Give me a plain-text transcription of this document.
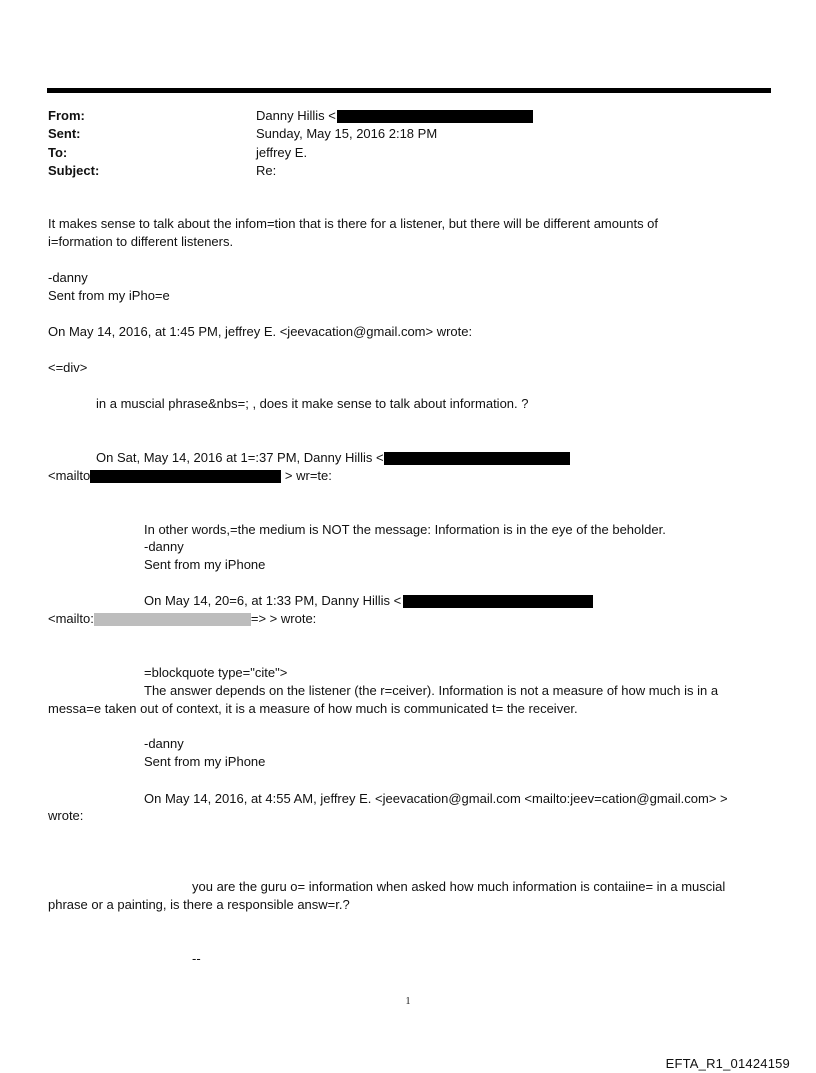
From:	Danny Hillis <
Sent:	Sunday, May 15, 2016 2:18 PM
To:	jeffrey E.
Subject:	Re:
It makes sense to talk about the infom=tion that is there for a listener, but there will be different amounts of
i=formation to different listeners.
-danny
Sent from my iPho=e
On May 14, 2016, at 1:45 PM, jeffrey E. <jeevacation@gmail.com> wrote:
<=div>
in a muscial phrase&nbs=; , does it make sense to talk about information. ?
On Sat, May 14, 2016 at 1=:37 PM, Danny Hillis <
<mailto	> wr=te:
In other words,=the medium is NOT the message: Information is in the eye of the beholder.
-danny
Sent from my iPhone
On May 14, 20=6, at 1:33 PM, Danny Hillis <
<mailto:	=> > wrote:
=blockquote type="cite">
The answer depends on the listener (the r=ceiver). Information is not a measure of how much is in a
messa=e taken out of context, it is a measure of how much is communicated t= the receiver.
-danny
Sent from my iPhone
On May 14, 2016, at 4:55 AM, jeffrey E. <jeevacation@gmail.com <mailto:jeev=cation@gmail.com> >
wrote:
you are the guru o= information when asked how much information is contaiine= in a muscial
phrase or a painting, is there a responsible answ=r.?
--
1
EFTA_R1_01424159
